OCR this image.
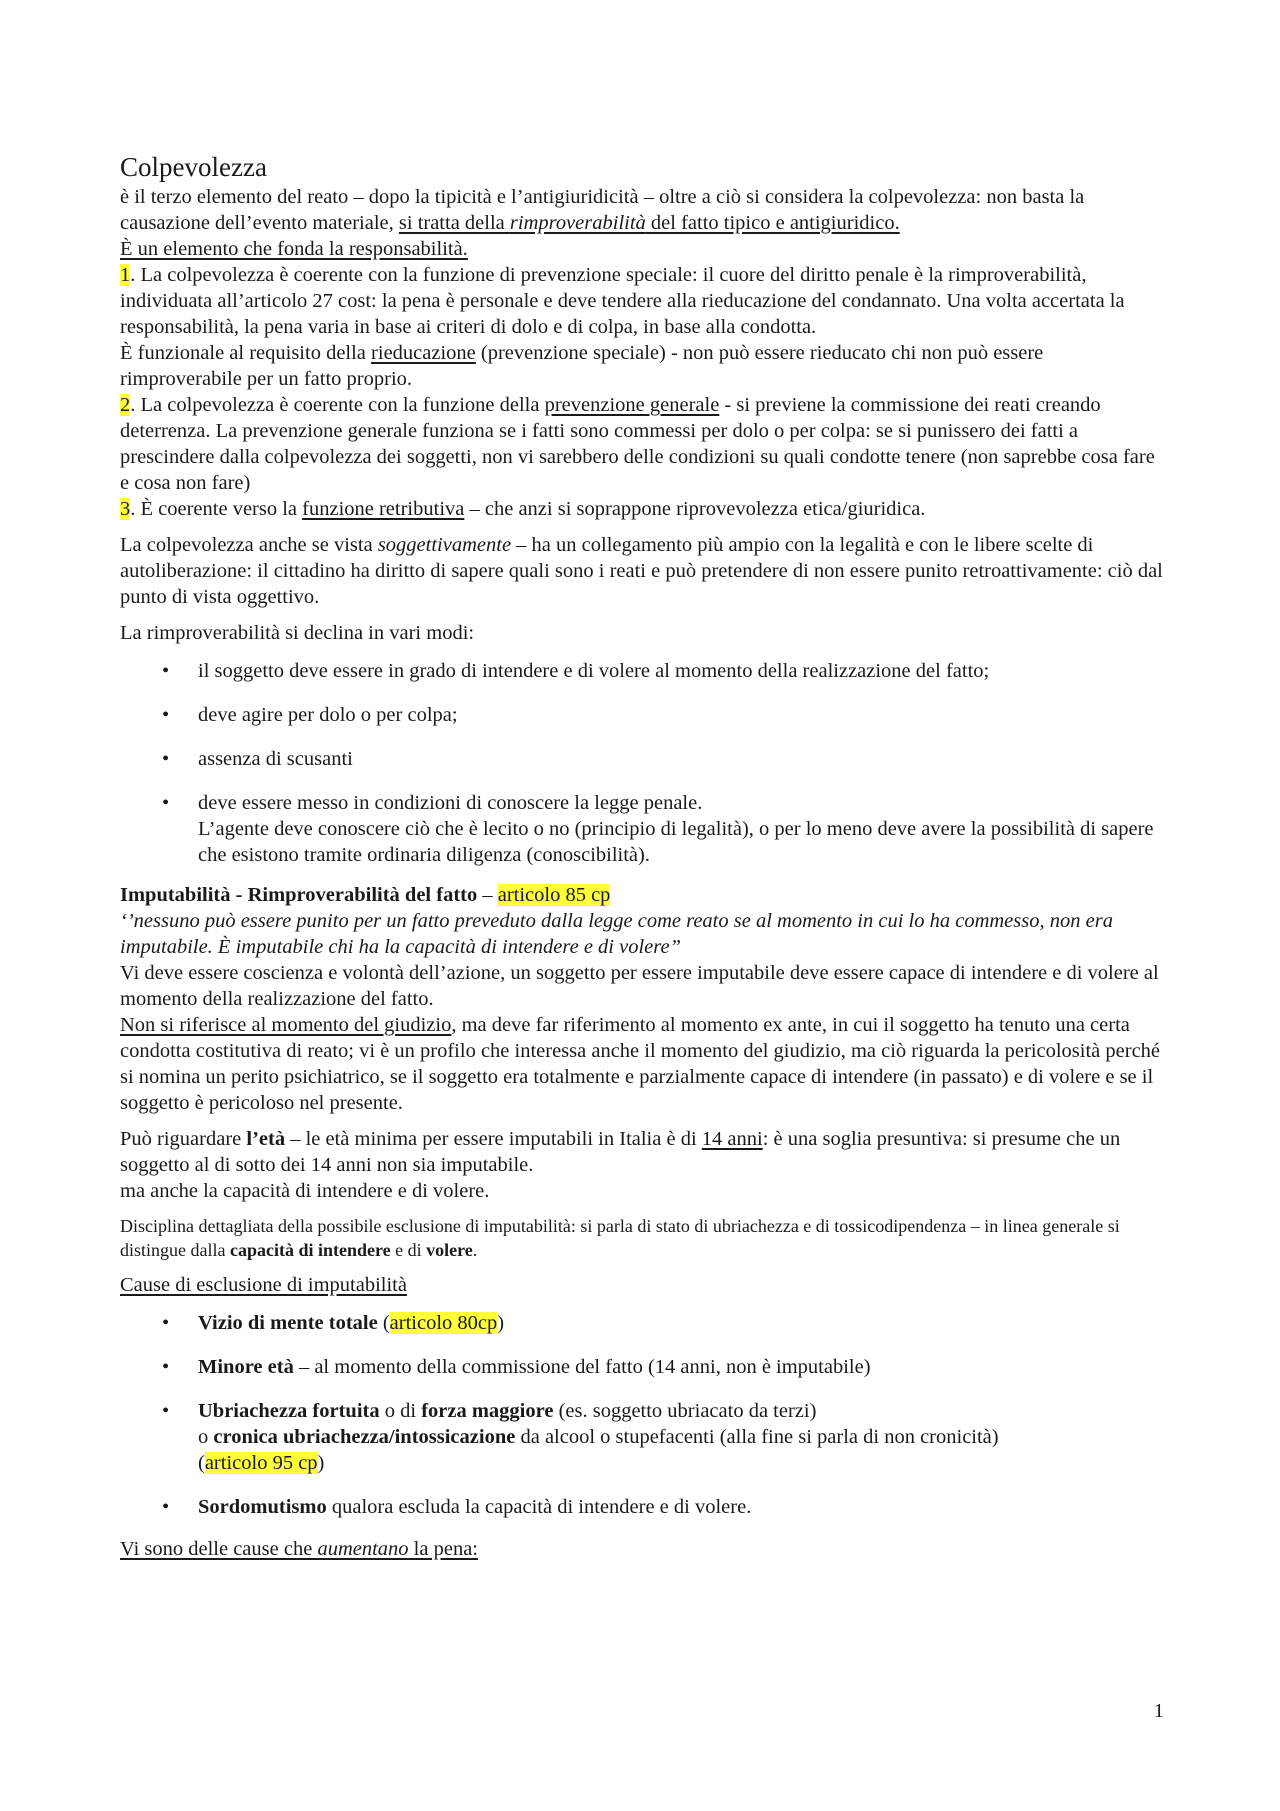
Colpevolezza

è il terzo elemento del reato – dopo la tipicità e l’antigiuridicità – oltre a ciò si considera la colpevolezza: non basta la causazione dell’evento materiale, si tratta della rimproverabilità del fatto tipico e antigiuridico.

È un elemento che fonda la responsabilità.

1. La colpevolezza è coerente con la funzione di prevenzione speciale: il cuore del diritto penale è la rimproverabilità, individuata all’articolo 27 cost: la pena è personale e deve tendere alla rieducazione del condannato. Una volta accertata la responsabilità, la pena varia in base ai criteri di dolo e di colpa, in base alla condotta.

È funzionale al requisito della rieducazione (prevenzione speciale) - non può essere rieducato chi non può essere rimproverabile per un fatto proprio.

2. La colpevolezza è coerente con la funzione della prevenzione generale - si previene la commissione dei reati creando deterrenza. La prevenzione generale funziona se i fatti sono commessi per dolo o per colpa: se si punissero dei fatti a prescindere dalla colpevolezza dei soggetti, non vi sarebbero delle condizioni su quali condotte tenere (non saprebbe cosa fare e cosa non fare)

3. È coerente verso la funzione retributiva – che anzi si soprappone riprovevolezza etica/giuridica.

La colpevolezza anche se vista soggettivamente – ha un collegamento più ampio con la legalità e con le libere scelte di autoliberazione: il cittadino ha diritto di sapere quali sono i reati e può pretendere di non essere punito retroattivamente: ciò dal punto di vista oggettivo.

La rimproverabilità si declina in vari modi:

• il soggetto deve essere in grado di intendere e di volere al momento della realizzazione del fatto;
• deve agire per dolo o per colpa;
• assenza di scusanti
• deve essere messo in condizioni di conoscere la legge penale.
L’agente deve conoscere ciò che è lecito o no (principio di legalità), o per lo meno deve avere la possibilità di sapere che esistono tramite ordinaria diligenza (conoscibilità).

Imputabilità - Rimproverabilità del fatto – articolo 85 cp

‘’nessuno può essere punito per un fatto preveduto dalla legge come reato se al momento in cui lo ha commesso, non era imputabile. È imputabile chi ha la capacità di intendere e di volere”

Vi deve essere coscienza e volontà dell’azione, un soggetto per essere imputabile deve essere capace di intendere e di volere al momento della realizzazione del fatto.

Non si riferisce al momento del giudizio, ma deve far riferimento al momento ex ante, in cui il soggetto ha tenuto una certa condotta costitutiva di reato; vi è un profilo che interessa anche il momento del giudizio, ma ciò riguarda la pericolosità perché si nomina un perito psichiatrico, se il soggetto era totalmente e parzialmente capace di intendere (in passato) e di volere e se il soggetto è pericoloso nel presente.

Può riguardare l’età – le età minima per essere imputabili in Italia è di 14 anni: è una soglia presuntiva: si presume che un soggetto al di sotto dei 14 anni non sia imputabile.

ma anche la capacità di intendere e di volere.

Disciplina dettagliata della possibile esclusione di imputabilità: si parla di stato di ubriachezza e di tossicodipendenza – in linea generale si distingue dalla capacità di intendere e di volere.

Cause di esclusione di imputabilità

• Vizio di mente totale (articolo 80cp)
• Minore età – al momento della commissione del fatto (14 anni, non è imputabile)
• Ubriachezza fortuita o di forza maggiore (es. soggetto ubriacato da terzi)
o cronica ubriachezza/intossicazione da alcool o stupefacenti (alla fine si parla di non cronicità)
(articolo 95 cp)
• Sordomutismo qualora escluda la capacità di intendere e di volere.

Vi sono delle cause che aumentano la pena:

1
